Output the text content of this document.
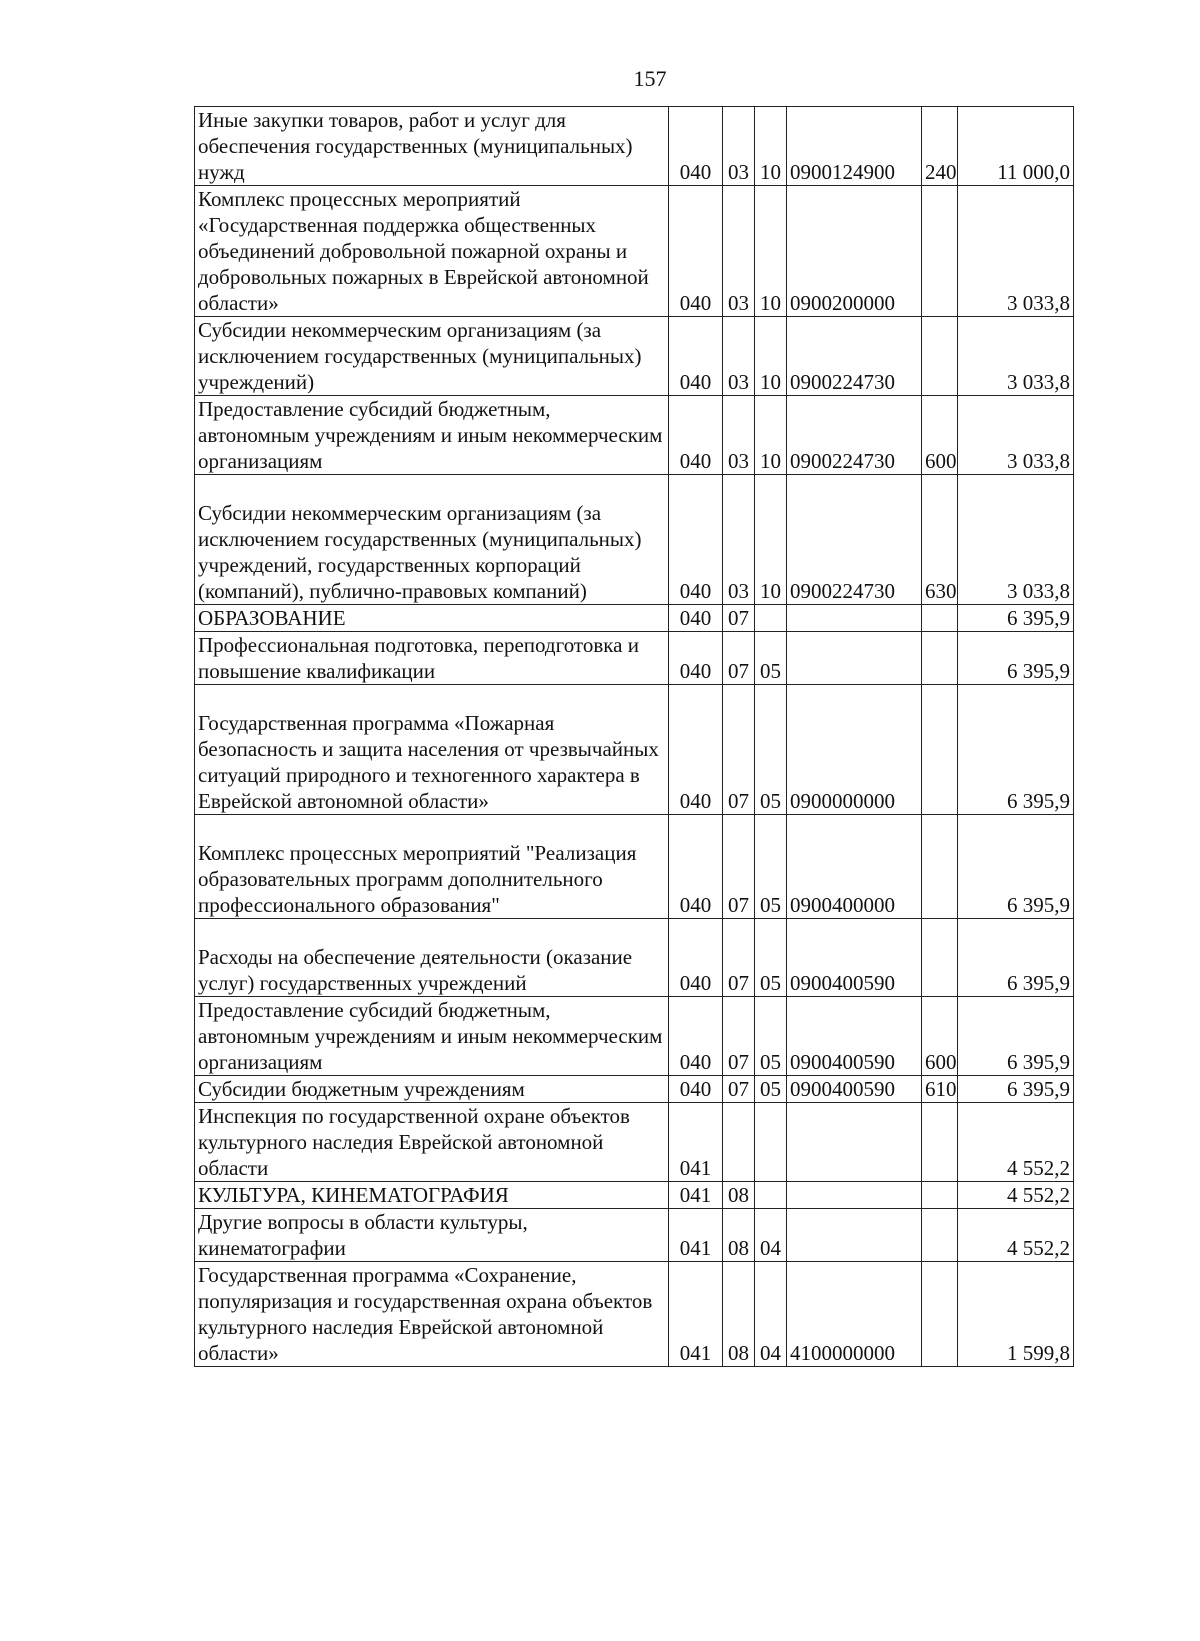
157
Иные закупки товаров, работ и услуг для обеспечения государственных (муниципальных) нужд	040	03	10	0900124900	240	11 000,0
Комплекс процессных мероприятий «Государственная поддержка общественных объединений добровольной пожарной охраны и добровольных пожарных в Еврейской автономной области»	040	03	10	0900200000		3 033,8
Субсидии некоммерческим организациям (за исключением государственных (муниципальных) учреждений)	040	03	10	0900224730		3 033,8
Предоставление субсидий бюджетным, автономным учреждениям и иным некоммерческим организациям	040	03	10	0900224730	600	3 033,8
Субсидии некоммерческим организациям (за исключением государственных (муниципальных) учреждений, государственных корпораций (компаний), публично-правовых компаний)	040	03	10	0900224730	630	3 033,8
ОБРАЗОВАНИЕ	040	07				6 395,9
Профессиональная подготовка, переподготовка и повышение квалификации	040	07	05			6 395,9
Государственная программа «Пожарная безопасность и защита населения от чрезвычайных ситуаций природного и техногенного характера в Еврейской автономной области»	040	07	05	0900000000		6 395,9
Комплекс процессных мероприятий "Реализация образовательных программ дополнительного профессионального образования"	040	07	05	0900400000		6 395,9
Расходы на обеспечение деятельности (оказание услуг) государственных учреждений	040	07	05	0900400590		6 395,9
Предоставление субсидий бюджетным, автономным учреждениям и иным некоммерческим организациям	040	07	05	0900400590	600	6 395,9
Субсидии бюджетным учреждениям	040	07	05	0900400590	610	6 395,9
Инспекция по государственной охране объектов культурного наследия Еврейской автономной области	041					4 552,2
КУЛЬТУРА, КИНЕМАТОГРАФИЯ	041	08				4 552,2
Другие вопросы в области культуры, кинематографии	041	08	04			4 552,2
Государственная программа «Сохранение, популяризация и государственная охрана объектов культурного наследия Еврейской автономной области»	041	08	04	4100000000		1 599,8
